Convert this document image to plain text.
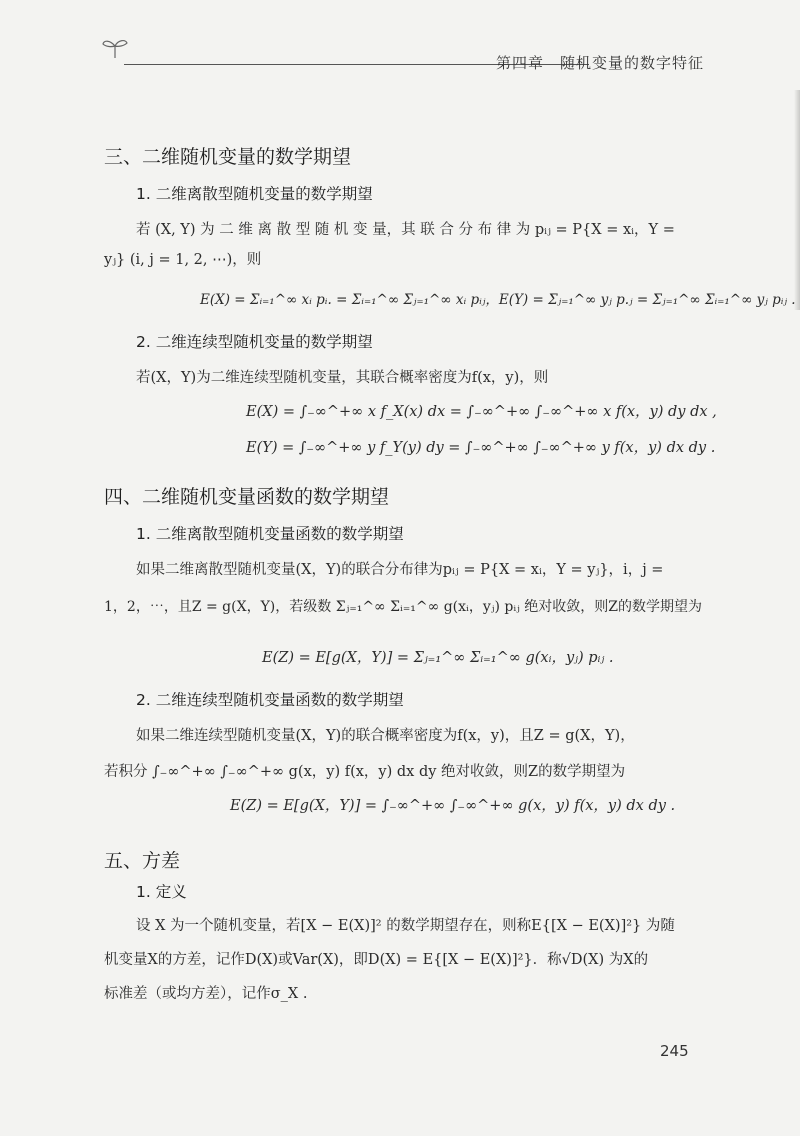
第四章　随机变量的数字特征
三、二维随机变量的数学期望
1. 二维离散型随机变量的数学期望
若 (X, Y) 为 二 维 离 散 型 随 机 变 量，其 联 合 分 布 律 为 pᵢⱼ = P{X = xᵢ，Y =
yⱼ} (i, j = 1, 2, ⋯)，则
E(X) = Σᵢ₌₁^∞ xᵢ pᵢ. = Σᵢ₌₁^∞ Σⱼ₌₁^∞ xᵢ pᵢⱼ，E(Y) = Σⱼ₌₁^∞ yⱼ p.ⱼ = Σⱼ₌₁^∞ Σᵢ₌₁^∞ yⱼ pᵢⱼ .
2. 二维连续型随机变量的数学期望
若(X，Y)为二维连续型随机变量，其联合概率密度为f(x，y)，则
E(X) = ∫₋∞^+∞ x f_X(x) dx = ∫₋∞^+∞ ∫₋∞^+∞ x f(x，y) dy dx ,
E(Y) = ∫₋∞^+∞ y f_Y(y) dy = ∫₋∞^+∞ ∫₋∞^+∞ y f(x，y) dx dy .
四、二维随机变量函数的数学期望
1. 二维离散型随机变量函数的数学期望
如果二维离散型随机变量(X，Y)的联合分布律为pᵢⱼ = P{X = xᵢ，Y = yⱼ}，i，j =
1，2，⋯，且Z = g(X，Y)，若级数 Σⱼ₌₁^∞ Σᵢ₌₁^∞ g(xᵢ，yⱼ) pᵢⱼ 绝对收敛，则Z的数学期望为
E(Z) = E[g(X，Y)] = Σⱼ₌₁^∞ Σᵢ₌₁^∞ g(xᵢ，yⱼ) pᵢⱼ .
2. 二维连续型随机变量函数的数学期望
如果二维连续型随机变量(X，Y)的联合概率密度为f(x，y)，且Z = g(X，Y)，
若积分 ∫₋∞^+∞ ∫₋∞^+∞ g(x，y) f(x，y) dx dy 绝对收敛，则Z的数学期望为
E(Z) = E[g(X，Y)] = ∫₋∞^+∞ ∫₋∞^+∞ g(x，y) f(x，y) dx dy .
五、方差
1. 定义
设 X 为一个随机变量，若[X − E(X)]² 的数学期望存在，则称E{[X − E(X)]²} 为随
机变量X的方差，记作D(X)或Var(X)，即D(X) = E{[X − E(X)]²}．称√D(X) 为X的
标准差（或均方差），记作σ_X .
245
